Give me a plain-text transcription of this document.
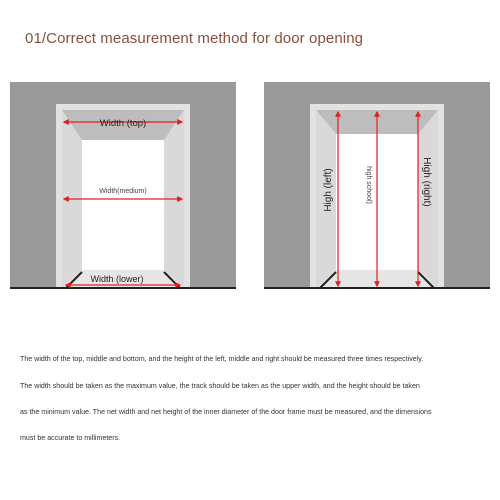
01/Correct measurement method for door opening
Width (top)
Width(medium)
Width (lower)
High (left)	high school)	High (right)
The width of the top, middle and bottom, and the height of the left, middle and right should be measured three times respectively.
The width should be taken as the maximum value, the track should be taken as the upper width, and the height should be taken
as the minimum value. The net width and net height of the inner diameter of the door frame must be measured, and the dimensions
must be accurate to millimeters.
